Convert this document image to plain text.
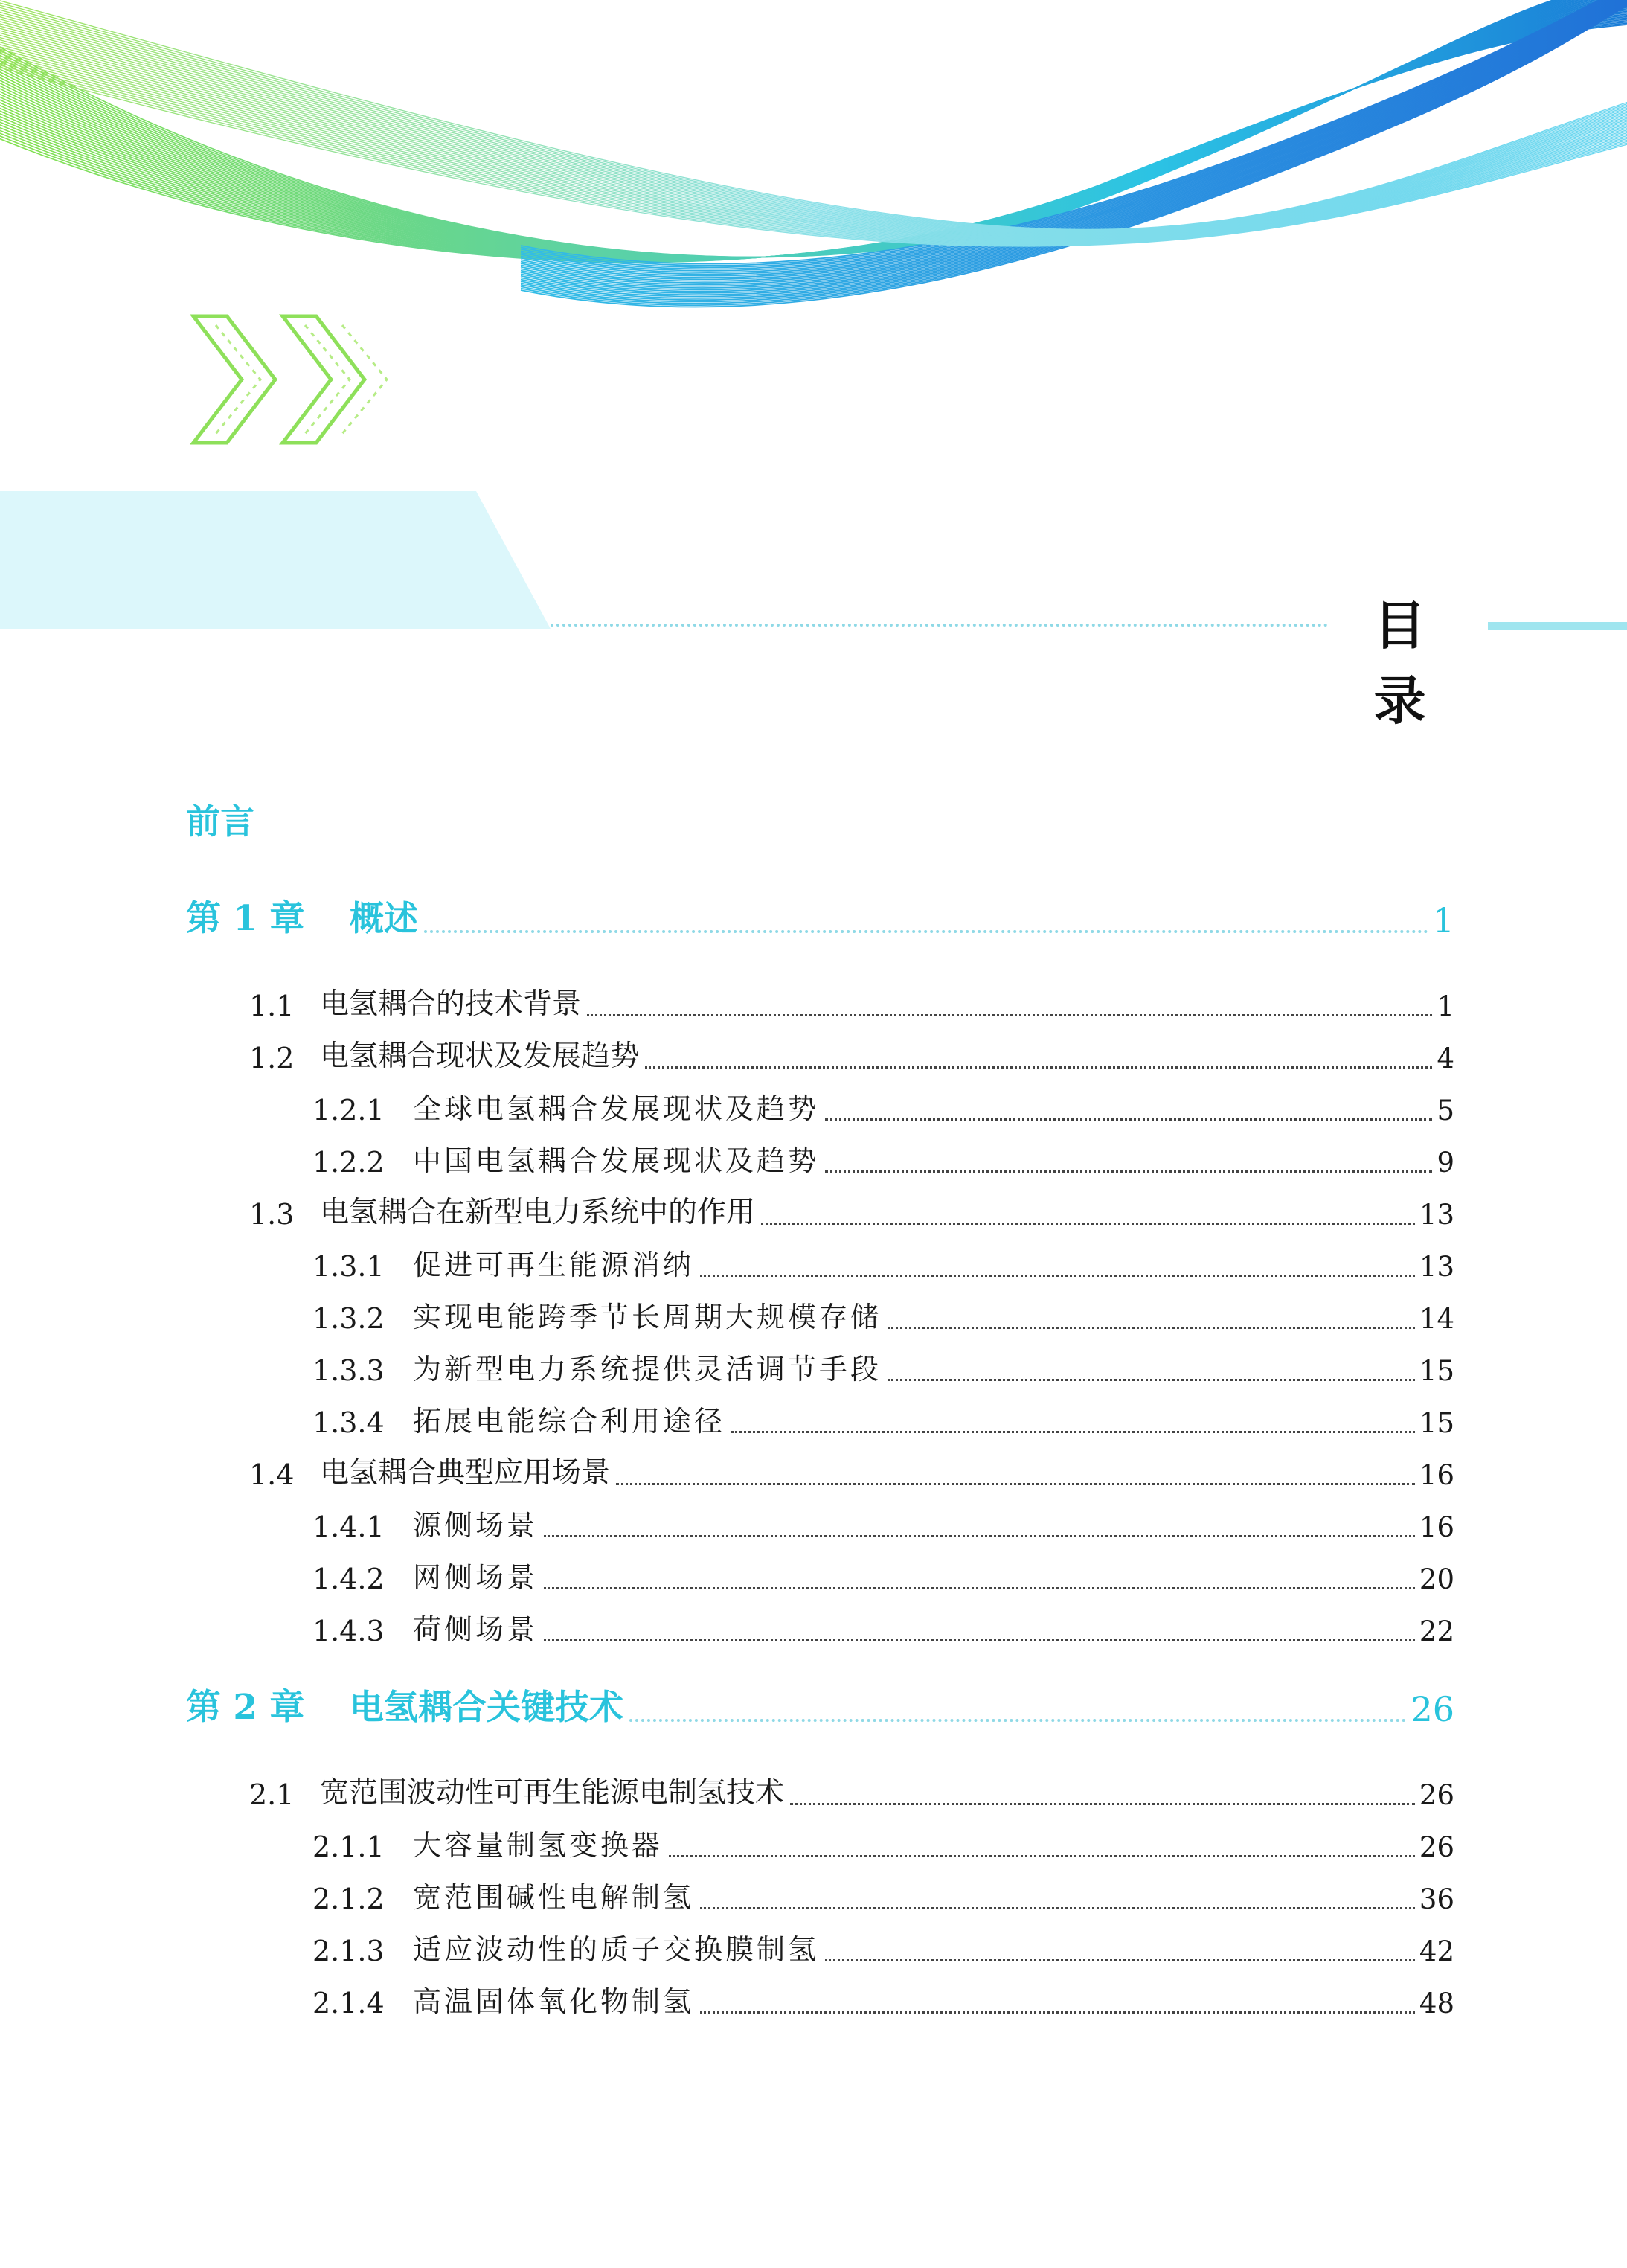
目 录
前言
第 1 章	概述	1
1.1 电氢耦合的技术背景	1
1.2 电氢耦合现状及发展趋势	4
1.2.1	全球电氢耦合发展现状及趋势	5
1.2.2	中国电氢耦合发展现状及趋势	9
1.3 电氢耦合在新型电力系统中的作用	13
1.3.1	促进可再生能源消纳	13
1.3.2	实现电能跨季节长周期大规模存储	14
1.3.3	为新型电力系统提供灵活调节手段	15
1.3.4	拓展电能综合利用途径	15
1.4 电氢耦合典型应用场景	16
1.4.1	源侧场景	16
1.4.2	网侧场景	20
1.4.3	荷侧场景	22
第 2 章	电氢耦合关键技术	26
2.1 宽范围波动性可再生能源电制氢技术	26
2.1.1	大容量制氢变换器	26
2.1.2	宽范围碱性电解制氢	36
2.1.3	适应波动性的质子交换膜制氢	42
2.1.4	高温固体氧化物制氢	48
